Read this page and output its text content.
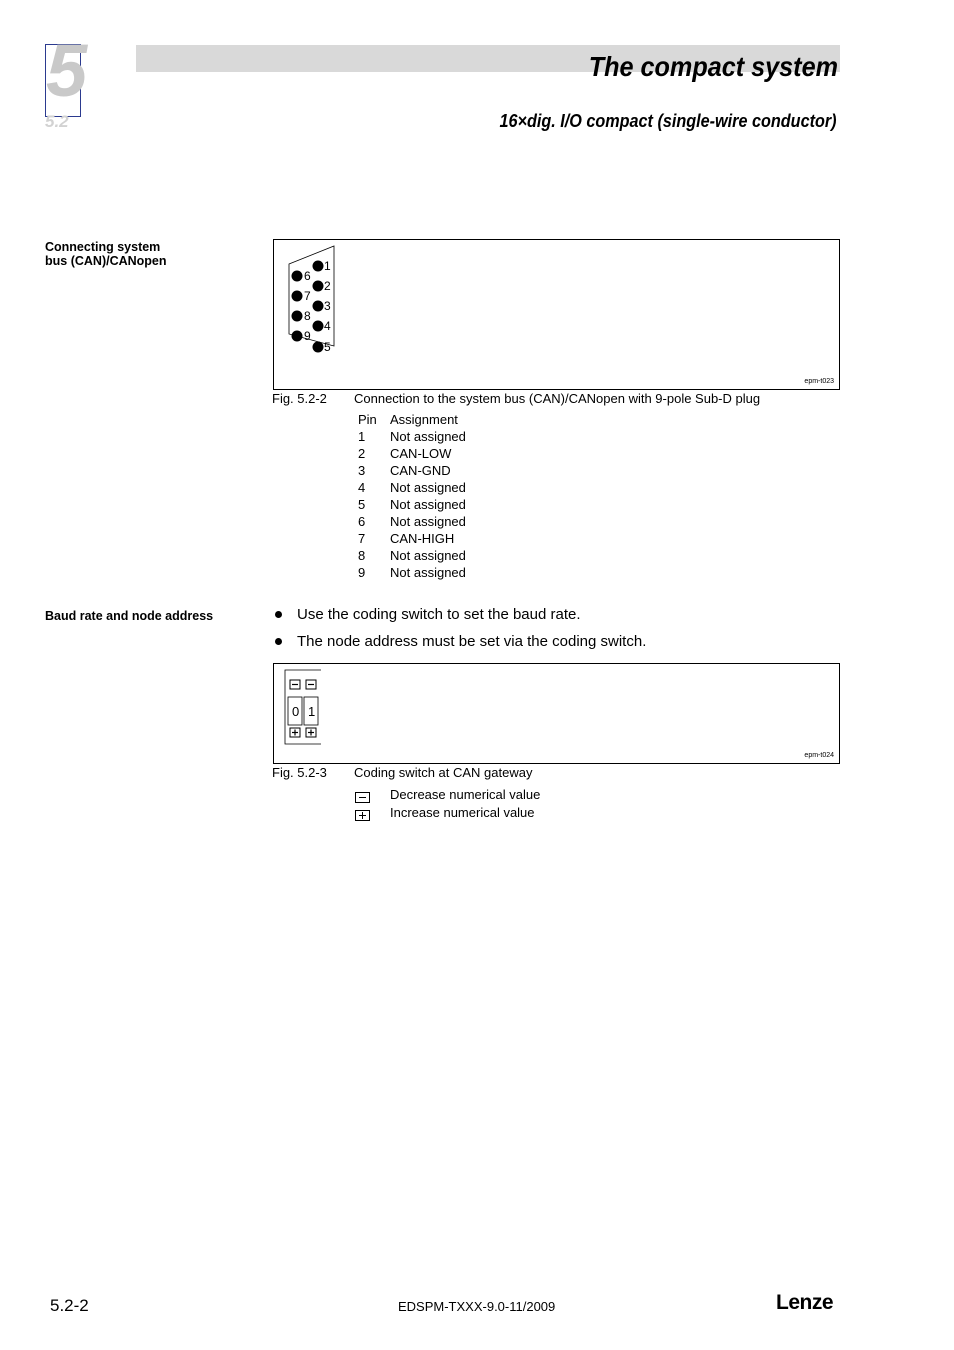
5
5.2
The compact system
16×dig. I/O compact (single-wire conductor)
Connecting system
bus (CAN)/CANopen
6
7
8
9
1
2
3
4
5
epm-t023
Fig. 5.2-2 Connection to the system bus (CAN)/CANopen with 9-pole Sub-D plug
Pin	Assignment
1	Not assigned
2	CAN-LOW
3	CAN-GND
4	Not assigned
5	Not assigned
6	Not assigned
7	CAN-HIGH
8	Not assigned
9	Not assigned
Baud rate and node address	Use the coding switch to set the baud rate.
The node address must be set via the coding switch.
0 1
epm-t024
Fig. 5.2-3 Coding switch at CAN gateway
Decrease numerical value
Increase numerical value
5.2-2	EDSPM-TXXX-9.0-11/2009	Lenze
